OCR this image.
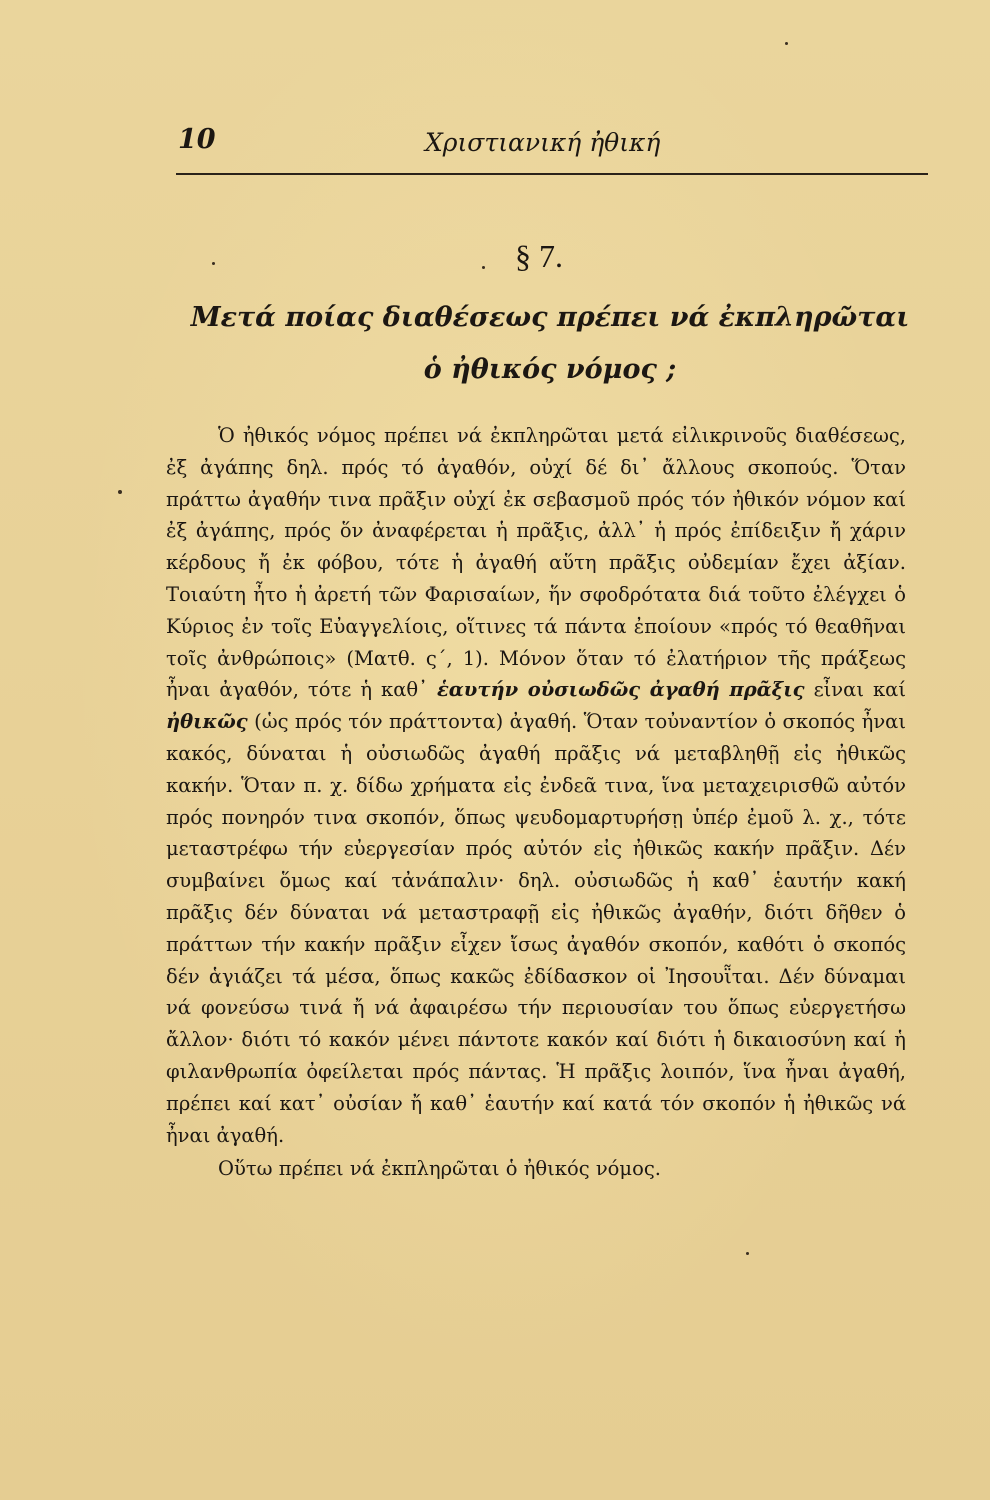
10	Χριστιανική ἠθική
§ 7.
Μετά ποίας διαθέσεως πρέπει νά ἐκπληρῶται
ὁ ἠθικός νόμος ;

Ὁ ἠθικός νόμος πρέπει νά ἐκπληρῶται μετά εἰλικρινοῦς διαθέσεως, ἐξ ἀγάπης δηλ. πρός τό ἀγαθόν, οὐχί δέ δι᾽ ἄλλους σκοπούς. Ὅταν πράττω ἀγαθήν τινα πρᾶξιν οὐχί ἐκ σεβασμοῦ πρός τόν ἠθικόν νόμον καί ἐξ ἀγάπης, πρός ὅν ἀναφέρεται ἡ πρᾶξις, ἀλλ᾽ ἡ πρός ἐπίδειξιν ἤ χάριν κέρδους ἤ ἐκ φόβου, τότε ἡ ἀγαθή αὕτη πρᾶξις οὐδεμίαν ἔχει ἀξίαν. Τοιαύτη ἦτο ἡ ἀρετή τῶν Φαρισαίων, ἥν σφοδρότατα διά τοῦτο ἐλέγχει ὁ Κύριος ἐν τοῖς Εὐαγγελίοις, οἵτινες τά πάντα ἐποίουν «πρός τό θεαθῆναι τοῖς ἀνθρώποις» (Ματθ. ς΄, 1). Μόνον ὅταν τό ἐλατήριον τῆς πράξεως ἦναι ἀγαθόν, τότε ἡ καθ᾽ ἑαυτήν οὐσιωδῶς ἀγαθή πρᾶξις εἶναι καί ἠθικῶς (ὡς πρός τόν πράττοντα) ἀγαθή. Ὅταν τοὐναντίον ὁ σκοπός ἦναι κακός, δύναται ἡ οὐσιωδῶς ἀγαθή πρᾶξις νά μεταβληθῇ εἰς ἠθικῶς κακήν. Ὅταν π. χ. δίδω χρήματα εἰς ἐνδεᾶ τινα, ἵνα μεταχειρισθῶ αὐτόν πρός πονηρόν τινα σκοπόν, ὅπως ψευδομαρτυρήσῃ ὑπέρ ἐμοῦ λ. χ., τότε μεταστρέφω τήν εὐεργεσίαν πρός αὐτόν εἰς ἠθικῶς κακήν πρᾶξιν. Δέν συμβαίνει ὅμως καί τἀνάπαλιν· δηλ. οὐσιωδῶς ἡ καθ᾽ ἑαυτήν κακή πρᾶξις δέν δύναται νά μεταστραφῇ εἰς ἠθικῶς ἀγαθήν, διότι δῆθεν ὁ πράττων τήν κακήν πρᾶξιν εἶχεν ἴσως ἀγαθόν σκοπόν, καθότι ὁ σκοπός δέν ἁγιάζει τά μέσα, ὅπως κακῶς ἐδίδασκον οἱ Ἰησουῗται. Δέν δύναμαι νά φονεύσω τινά ἤ νά ἀφαιρέσω τήν περιουσίαν του ὅπως εὐεργετήσω ἄλλον· διότι τό κακόν μένει πάντοτε κακόν καί διότι ἡ δικαιοσύνη καί ἡ φιλανθρωπία ὀφείλεται πρός πάντας. Ἡ πρᾶξις λοιπόν, ἵνα ἦναι ἀγαθή, πρέπει καί κατ᾽ οὐσίαν ἤ καθ᾽ ἑαυτήν καί κατά τόν σκοπόν ἡ ἠθικῶς νά ἦναι ἀγαθή.

Οὕτω πρέπει νά ἐκπληρῶται ὁ ἠθικός νόμος.
